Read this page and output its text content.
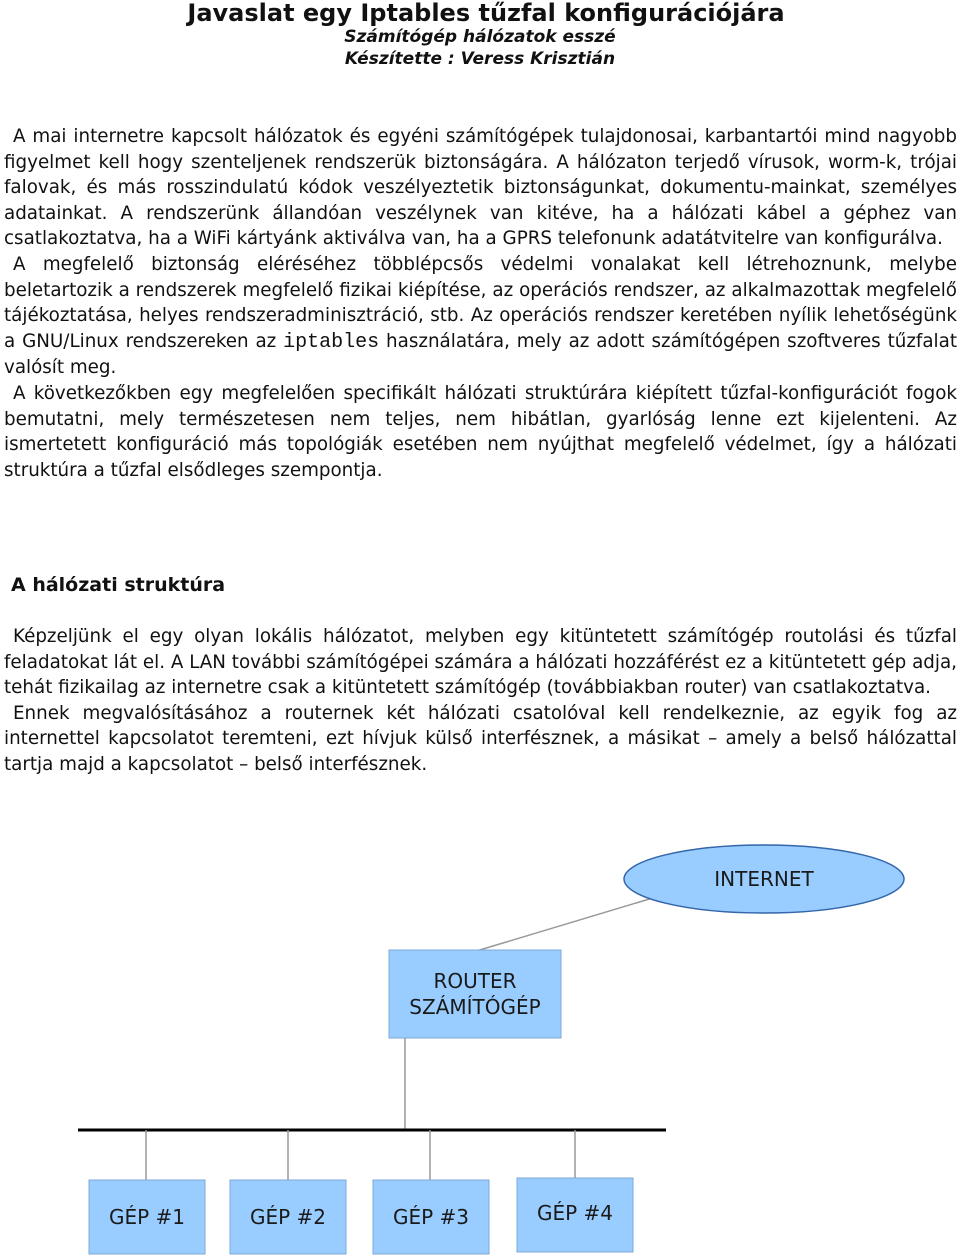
Javaslat egy Iptables tűzfal konfigurációjára
Számítógép hálózatok esszé
Készítette : Veress Krisztián

A mai internetre kapcsolt hálózatok és egyéni számítógépek tulajdonosai, karbantartói mind nagyobb figyelmet kell hogy szenteljenek rendszerük biztonságára. A hálózaton terjedő vírusok, worm-k, trójai falovak, és más rosszindulatú kódok veszélyeztetik biztonságunkat, dokumentu-mainkat, személyes adatainkat. A rendszerünk állandóan veszélynek van kitéve, ha a hálózati kábel a géphez van csatlakoztatva, ha a WiFi kártyánk aktiválva van, ha a GPRS telefonunk adatátvitelre van konfigurálva.

A megfelelő biztonság eléréséhez többlépcsős védelmi vonalakat kell létrehoznunk, melybe beletartozik a rendszerek megfelelő fizikai kiépítése, az operációs rendszer, az alkalmazottak megfelelő tájékoztatása, helyes rendszeradminisztráció, stb. Az operációs rendszer keretében nyílik lehetőségünk a GNU/Linux rendszereken az iptables használatára, mely az adott számítógépen szoftveres tűzfalat valósít meg.

A következőkben egy megfelelően specifikált hálózati struktúrára kiépített tűzfal-konfigurációt fogok bemutatni, mely természetesen nem teljes, nem hibátlan, gyarlóság lenne ezt kijelenteni. Az ismertetett konfiguráció más topológiák esetében nem nyújthat megfelelő védelmet, így a hálózati struktúra a tűzfal elsődleges szempontja.

A hálózati struktúra

Képzeljünk el egy olyan lokális hálózatot, melyben egy kitüntetett számítógép routolási és tűzfal feladatokat lát el. A LAN további számítógépei számára a hálózati hozzáférést ez a kitüntetett gép adja, tehát fizikailag az internetre csak a kitüntetett számítógép (továbbiakban router) van csatlakoztatva.

Ennek megvalósításához a routernek két hálózati csatolóval kell rendelkeznie, az egyik fog az internettel kapcsolatot teremteni, ezt hívjuk külső interfésznek, a másikat – amely a belső hálózattal tartja majd a kapcsolatot – belső interfésznek.

INTERNET
ROUTER
SZÁMÍTÓGÉP
GÉP #1	GÉP #2	GÉP #3	GÉP #4
